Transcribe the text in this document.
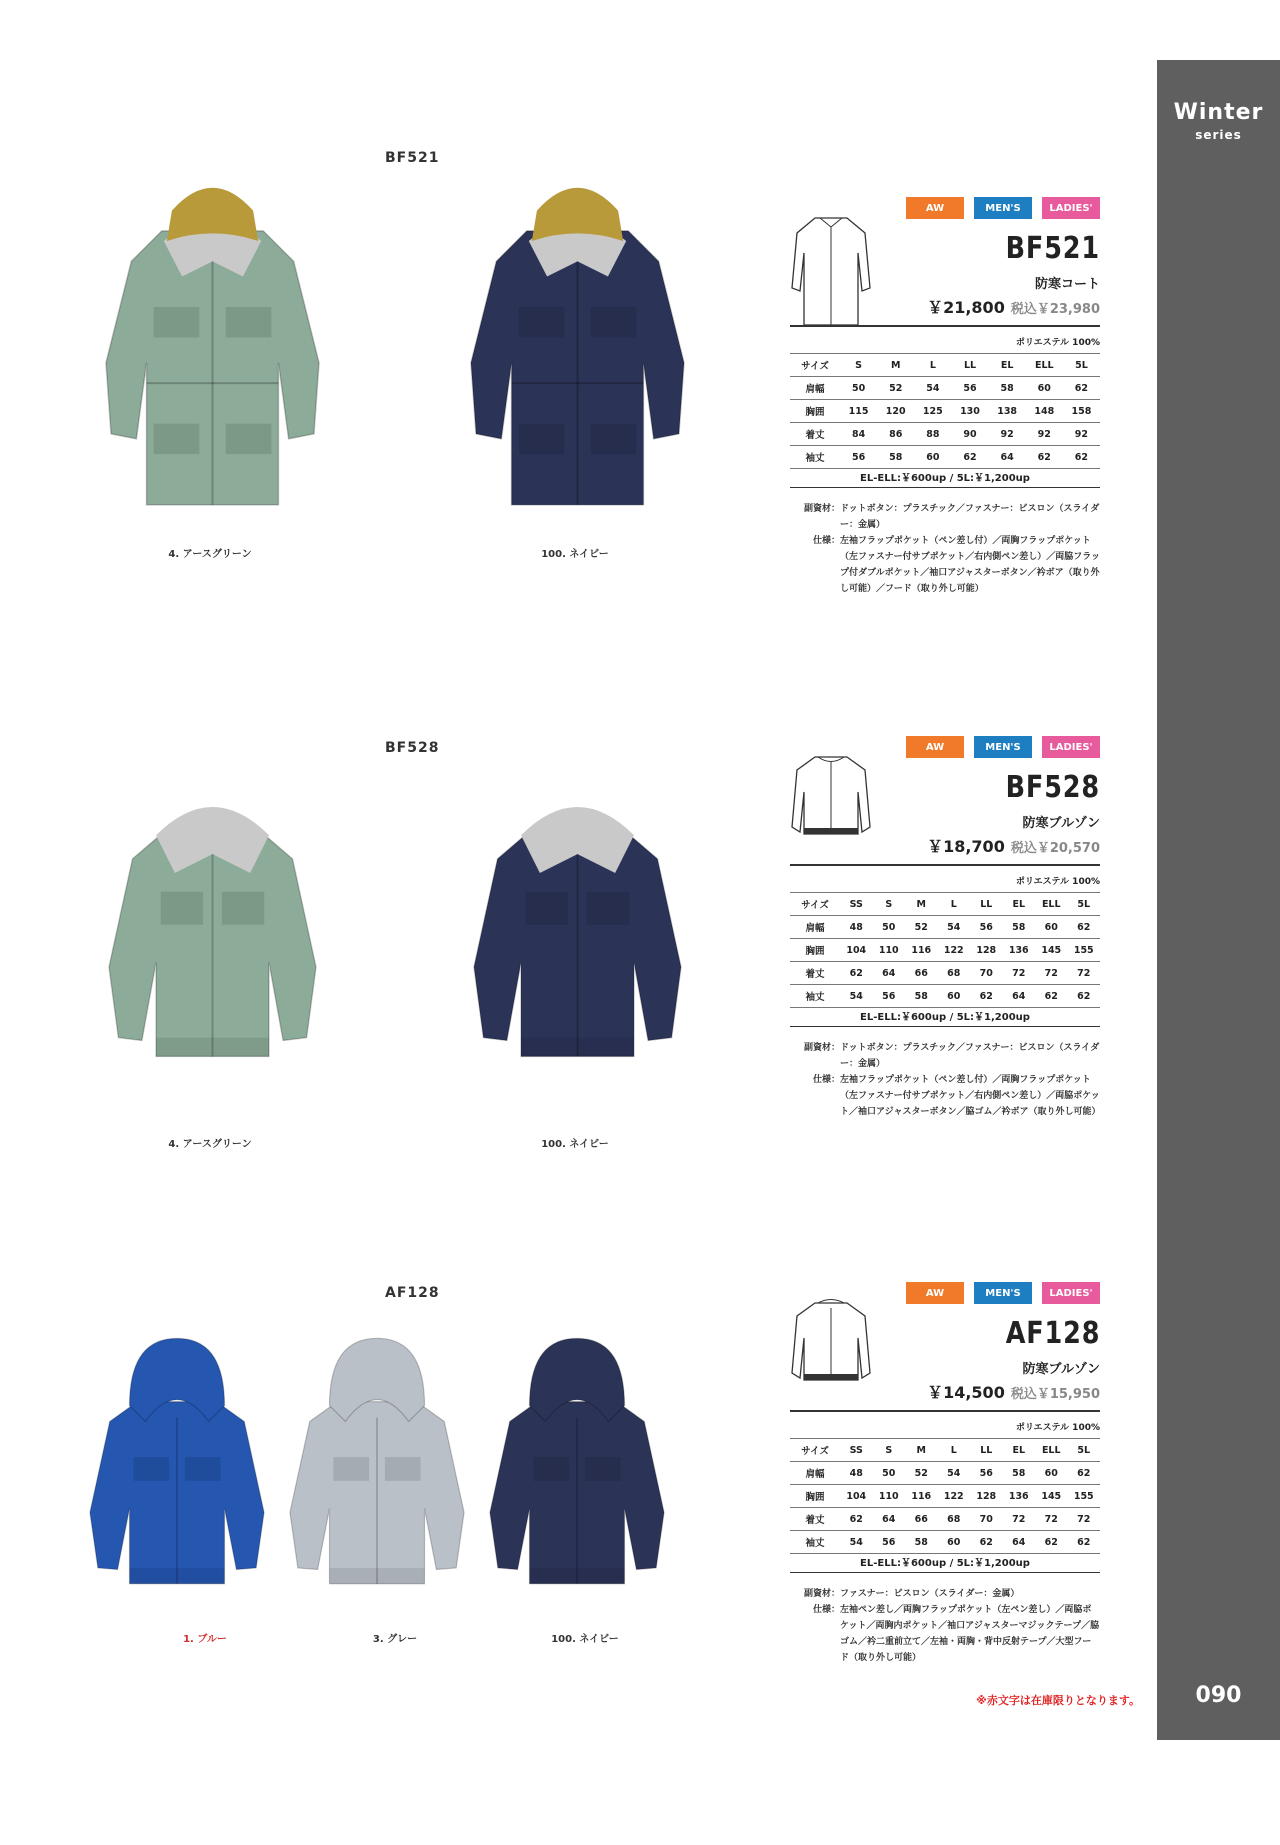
Winter
series
090
※赤文字は在庫限りとなります。
BF521
4. アースグリーン	100. ネイビー
AW	MEN'S	LADIES'
BF521
防寒コート
￥21,800 税込￥23,980
ポリエステル 100%
サイズ	S	M	L	LL	EL	ELL	5L
肩幅	50	52	54	56	58	60	62
胸囲	115	120	125	130	138	148	158
着丈	84	86	88	90	92	92	92
袖丈	56	58	60	62	64	62	62
EL-ELL:￥600up / 5L:￥1,200up
副資材： ドットボタン：プラスチック／ファスナー：ビスロン（スライダー：金属）
仕様： 左袖フラップポケット（ペン差し付）／両胸フラップポケット（左ファスナー付サブポケット／右内側ペン差し）／両脇フラップ付ダブルポケット／袖口アジャスターボタン／衿ボア（取り外し可能）／フード（取り外し可能）
BF528
4. アースグリーン	100. ネイビー
AW	MEN'S	LADIES'
BF528
防寒ブルゾン
￥18,700 税込￥20,570
ポリエステル 100%
サイズ	SS	S	M	L	LL	EL	ELL	5L
肩幅	48	50	52	54	56	58	60	62
胸囲	104	110	116	122	128	136	145	155
着丈	62	64	66	68	70	72	72	72
袖丈	54	56	58	60	62	64	62	62
EL-ELL:￥600up / 5L:￥1,200up
副資材： ドットボタン：プラスチック／ファスナー：ビスロン（スライダー：金属）
仕様： 左袖フラップポケット（ペン差し付）／両胸フラップポケット（左ファスナー付サブポケット／右内側ペン差し）／両脇ポケット／袖口アジャスターボタン／脇ゴム／衿ボア（取り外し可能）
AF128
1. ブルー	3. グレー	100. ネイビー
AW	MEN'S	LADIES'
AF128
防寒ブルゾン
￥14,500 税込￥15,950
ポリエステル 100%
サイズ	SS	S	M	L	LL	EL	ELL	5L
肩幅	48	50	52	54	56	58	60	62
胸囲	104	110	116	122	128	136	145	155
着丈	62	64	66	68	70	72	72	72
袖丈	54	56	58	60	62	64	62	62
EL-ELL:￥600up / 5L:￥1,200up
副資材： ファスナー：ビスロン（スライダー：金属）
仕様： 左袖ペン差し／両胸フラップポケット（左ペン差し）／両脇ポケット／両胸内ポケット／袖口アジャスターマジックテープ／脇ゴム／衿二重前立て／左袖・両胸・背中反射テープ／大型フード（取り外し可能）
